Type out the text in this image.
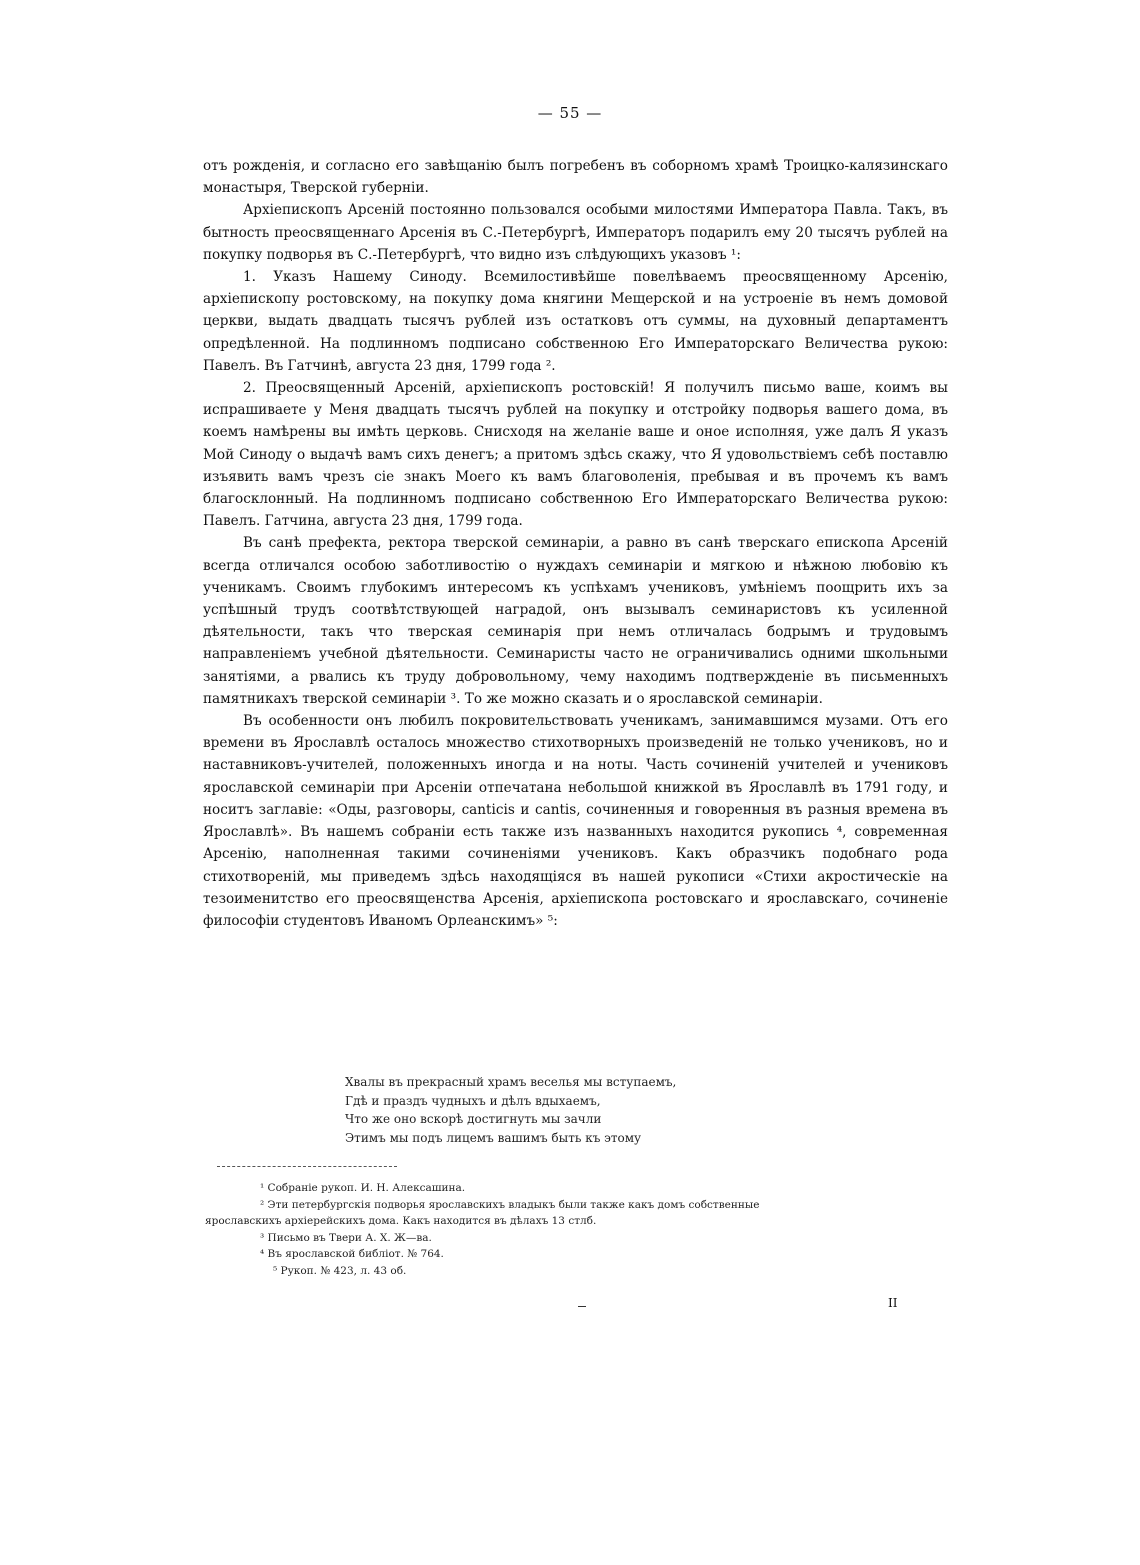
— 55 —

отъ рожденія, и согласно его завѣщанію былъ погребенъ въ соборномъ храмѣ Троицко-калязинскаго монастыря, Тверской губерніи.

Архіепископъ Арсеній постоянно пользовался особыми милостями Императора Павла. Такъ, въ бытность преосвященнаго Арсенія въ С.-Петербургѣ, Императоръ подарилъ ему 20 тысячъ рублей на покупку подворья въ С.-Петербургѣ, что видно изъ слѣдующихъ указовъ ¹:

1. Указъ Нашему Синоду. Всемилостивѣйше повелѣваемъ преосвященному Арсенію, архіепископу ростовскому, на покупку дома княгини Мещерской и на устроеніе въ немъ домовой церкви, выдать двадцать тысячъ рублей изъ остатковъ отъ суммы, на духовный департаментъ опредѣленной. На подлинномъ подписано собственною Его Императорскаго Величества рукою: Павелъ. Въ Гатчинѣ, августа 23 дня, 1799 года ².

2. Преосвященный Арсеній, архіепископъ ростовскій! Я получилъ письмо ваше, коимъ вы испрашиваете у Меня двадцать тысячъ рублей на покупку и отстройку подворья вашего дома, въ коемъ намѣрены вы имѣть церковь. Снисходя на желаніе ваше и оное исполняя, уже далъ Я указъ Мой Синоду о выдачѣ вамъ сихъ денегъ; а притомъ здѣсь скажу, что Я удовольствіемъ себѣ поставлю изъявить вамъ чрезъ сіе знакъ Моего къ вамъ благоволенія, пребывая и въ прочемъ къ вамъ благосклонный. На подлинномъ подписано собственною Его Императорскаго Величества рукою: Павелъ. Гатчина, августа 23 дня, 1799 года.

Въ санѣ префекта, ректора тверской семинаріи, а равно въ санѣ тверскаго епископа Арсеній всегда отличался особою заботливостію о нуждахъ семинаріи и мягкою и нѣжною любовію къ ученикамъ. Своимъ глубокимъ интересомъ къ успѣхамъ учениковъ, умѣніемъ поощрить ихъ за успѣшный трудъ соотвѣтствующей наградой, онъ вызывалъ семинаристовъ къ усиленной дѣятельности, такъ что тверская семинарія при немъ отличалась бодрымъ и трудовымъ направленіемъ учебной дѣятельности. Семинаристы часто не ограничивались одними школьными занятіями, а рвались къ труду добровольному, чему находимъ подтвержденіе въ письменныхъ памятникахъ тверской семинаріи ³. То же можно сказать и о ярославской семинаріи.

Въ особенности онъ любилъ покровительствовать ученикамъ, занимавшимся музами. Отъ его времени въ Ярославлѣ осталось множество стихотворныхъ произведеній не только учениковъ, но и наставниковъ-учителей, положенныхъ иногда и на ноты. Часть сочиненій учителей и учениковъ ярославской семинаріи при Арсеніи отпечатана небольшой книжкой въ Ярославлѣ въ 1791 году, и носитъ заглавіе: «Оды, разговоры, canticis и cantis, сочиненныя и говоренныя въ разныя времена въ Ярославлѣ». Въ нашемъ собраніи есть также изъ названныхъ находится рукопись ⁴, современная Арсенію, наполненная такими сочиненіями учениковъ. Какъ образчикъ подобнаго рода стихотвореній, мы приведемъ здѣсь находящіяся въ нашей рукописи «Стихи акростическіе на тезоименитство его преосвященства Арсенія, архіепископа ростовскаго и ярославскаго, сочиненіе философіи студентовъ Иваномъ Орлеанскимъ» ⁵:

Хвалы въ прекрасный храмъ веселья мы вступаемъ,
Гдѣ и праздъ чудныхъ и дѣлъ вдыхаемъ,
Что же оно вскорѣ достигнуть мы зачли
Этимъ мы подъ лицемъ вашимъ быть къ этому
¹ Собраніе рукоп. И. Н. Алексашина.
² Эти петербургскія подворья ярославскихъ владыкъ были также какъ домъ собственные
ярославскихъ архіерейскихъ дома. Какъ находится въ дѣлахъ 13 стлб.
³ Письмо въ Твери А. Х. Ж—ва.
⁴ Въ ярославской библіот. № 764.
⁵ Рукоп. № 423, л. 43 об.
II
